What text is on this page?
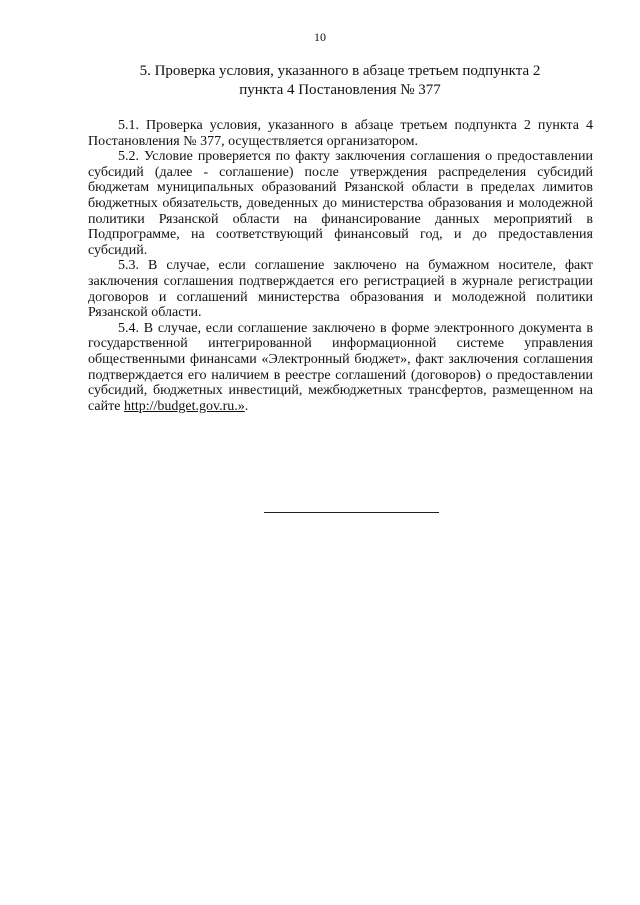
10
5. Проверка условия, указанного в абзаце третьем подпункта 2
пункта 4 Постановления № 377

5.1. Проверка условия, указанного в абзаце третьем подпункта 2 пункта 4 Постановления № 377, осуществляется организатором.

5.2. Условие проверяется по факту заключения соглашения о предоставлении субсидий (далее - соглашение) после утверждения распределения субсидий бюджетам муниципальных образований Рязанской области в пределах лимитов бюджетных обязательств, доведенных до министерства образования и молодежной политики Рязанской области на финансирование данных мероприятий в Подпрограмме, на соответствующий финансовый год, и до предоставления субсидий.

5.3. В случае, если соглашение заключено на бумажном носителе, факт заключения соглашения подтверждается его регистрацией в журнале регистрации договоров и соглашений министерства образования и молодежной политики Рязанской области.

5.4. В случае, если соглашение заключено в форме электронного документа в государственной интегрированной информационной системе управления общественными финансами «Электронный бюджет», факт заключения соглашения подтверждается его наличием в реестре соглашений (договоров) о предоставлении субсидий, бюджетных инвестиций, межбюджетных трансфертов, размещенном на сайте http://budget.gov.ru.».
